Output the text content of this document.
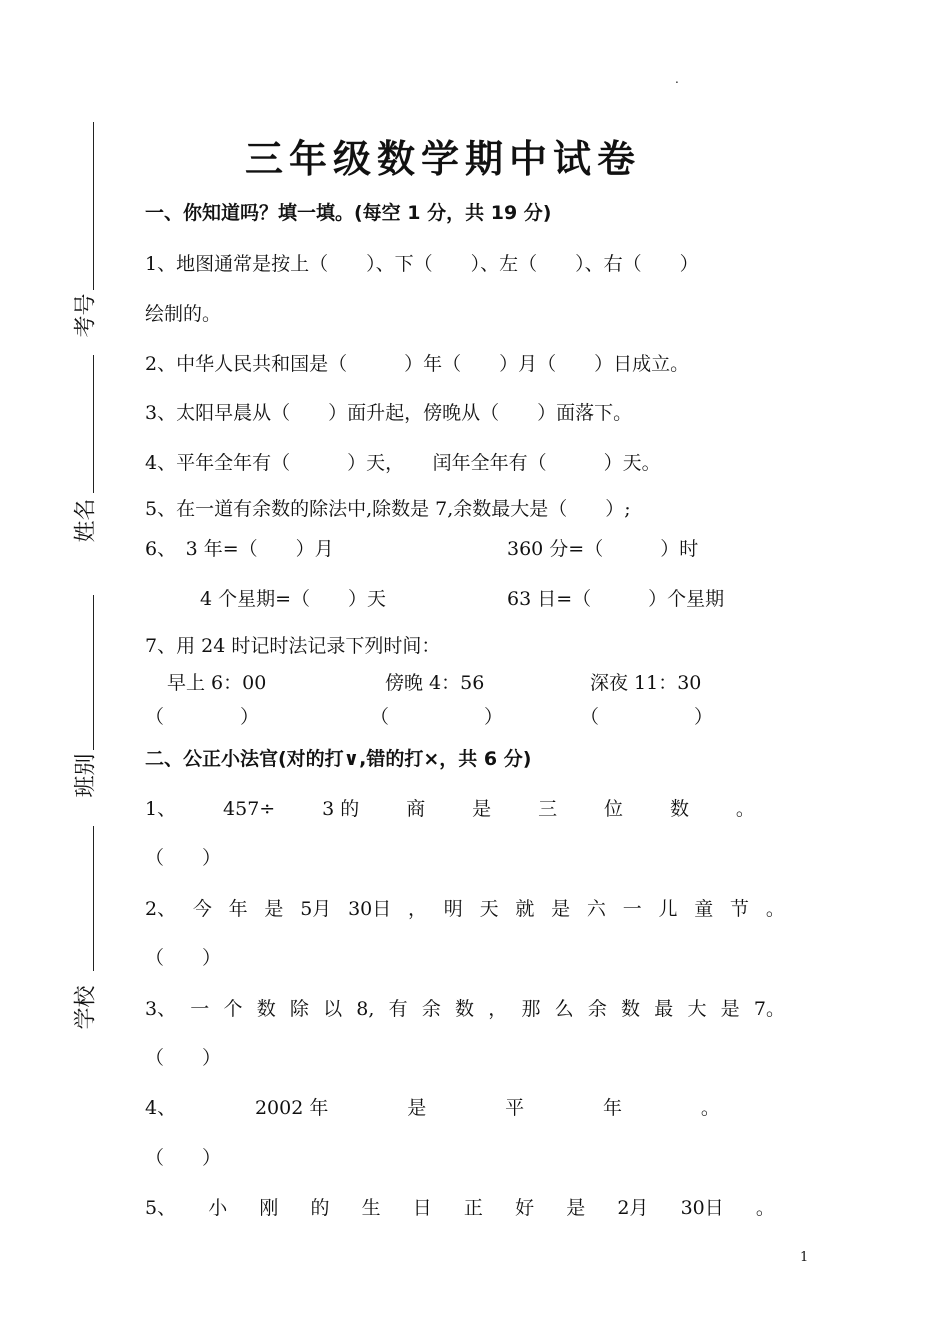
.
考号
姓名
班别
学校
三年级数学期中试卷
一、你知道吗？填一填。(每空 1 分，共 19 分)
1、地图通常是按上（　　）、下（　　）、左（　　）、右（　　）
绘制的。
2、中华人民共和国是（　　　）年（　　）月（　　）日成立。
3、太阳早晨从（　　）面升起，傍晚从（　　）面落下。
4、平年全年有（　　　）天，　　闰年全年有（　　　）天。
5、在一道有余数的除法中,除数是 7,余数最大是（　　）;
6、　3 年=（　　）月	360 分=（　　　）时
4 个星期=（　　）天	63 日=（　　　）个星期
7、用 24 时记时法记录下列时间：
早上 6：00	傍晚 4：56	深夜 11：30
（　　　　）	（　　　　　）	（　　　　　）
二、公正小法官(对的打∨,错的打×，共 6 分)
1、 457÷ 3 的 商 是 三 位 数 。
（　　）
2、 今 年 是 5月 30日 ， 明 天 就 是 六 一 儿 童 节 。
（　　）
3、 一 个 数 除 以 8, 有 余 数 ， 那 么 余 数 最 大 是 7。
（　　）
4、	2002 年	是	平	年	。
（　　）
5、 小 刚 的 生 日 正 好 是 2月 30日 。
1
